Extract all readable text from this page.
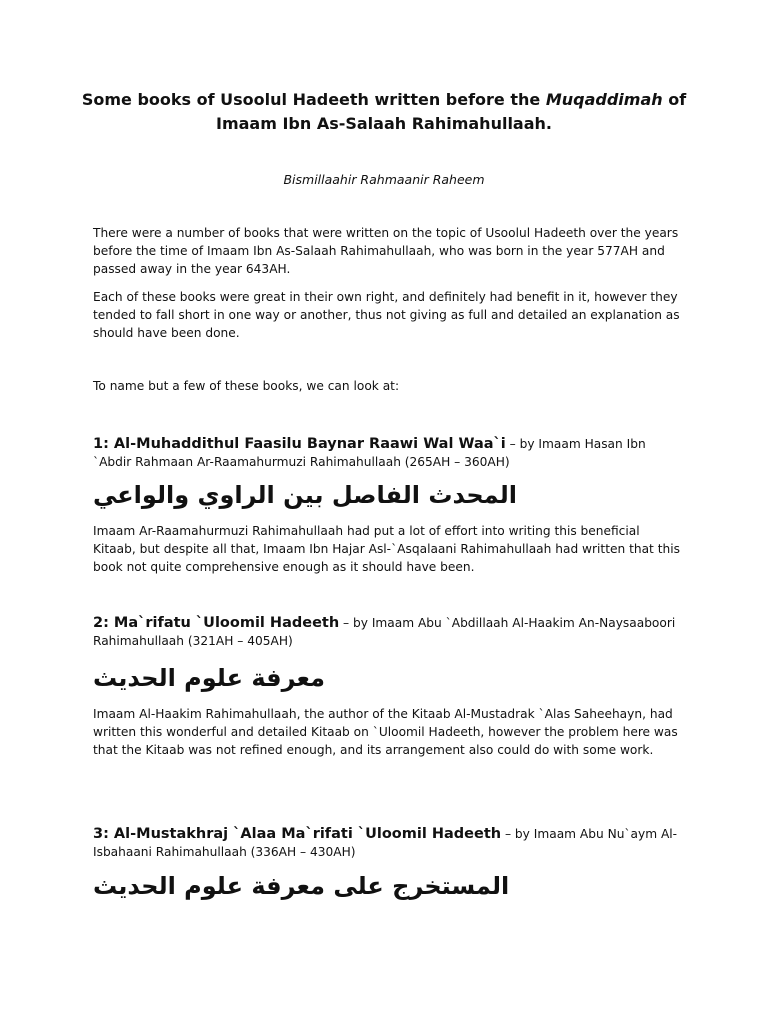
Some books of Usoolul Hadeeth written before the Muqaddimah of
Imaam Ibn As-Salaah Rahimahullaah.
Bismillaahir Rahmaanir Raheem

There were a number of books that were written on the topic of Usoolul Hadeeth over the years before the time of Imaam Ibn As-Salaah Rahimahullaah, who was born in the year 577AH and passed away in the year 643AH.

Each of these books were great in their own right, and definitely had benefit in it, however they tended to fall short in one way or another, thus not giving as full and detailed an explanation as should have been done.

To name but a few of these books, we can look at:

1: Al-Muhaddithul Faasilu Baynar Raawi Wal Waa`i – by Imaam Hasan Ibn `Abdir Rahmaan Ar-Raamahurmuzi Rahimahullaah (265AH – 360AH)
المحدث الفاصل بين الراوي والواعي

Imaam Ar-Raamahurmuzi Rahimahullaah had put a lot of effort into writing this beneficial Kitaab, but despite all that, Imaam Ibn Hajar Asl-`Asqalaani Rahimahullaah had written that this book not quite comprehensive enough as it should have been.

2: Ma`rifatu `Uloomil Hadeeth – by Imaam Abu `Abdillaah Al-Haakim An-Naysaaboori Rahimahullaah (321AH – 405AH)
معرفة علوم الحديث

Imaam Al-Haakim Rahimahullaah, the author of the Kitaab Al-Mustadrak `Alas Saheehayn, had written this wonderful and detailed Kitaab on `Uloomil Hadeeth, however the problem here was that the Kitaab was not refined enough, and its arrangement also could do with some work.

3: Al-Mustakhraj `Alaa Ma`rifati `Uloomil Hadeeth – by Imaam Abu Nu`aym Al-Isbahaani Rahimahullaah (336AH – 430AH)
المستخرج على معرفة علوم الحديث
